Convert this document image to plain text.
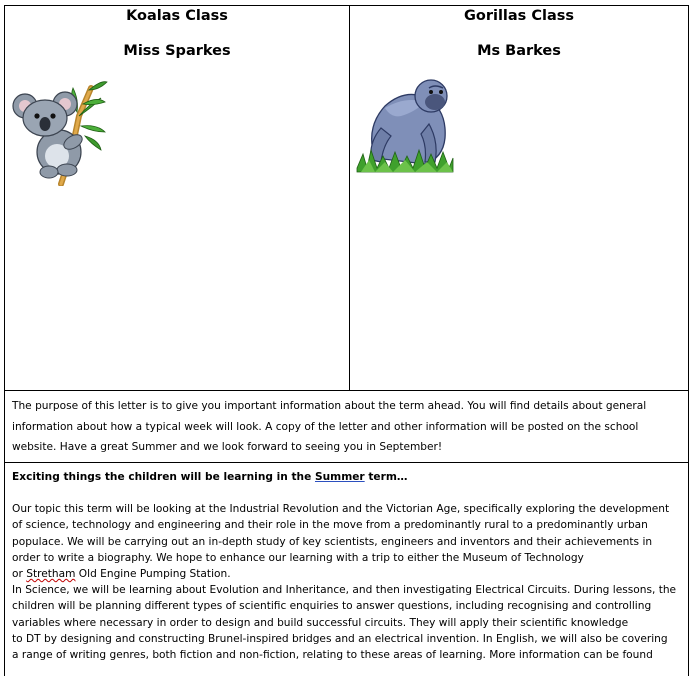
Koalas Class
Miss Sparkes
Gorillas Class
Ms Barkes

The purpose of this letter is to give you important information about the term ahead. You will find details about general information about how a typical week will look. A copy of the letter and other information will be posted on the school website. Have a great Summer and we look forward to seeing you in September!

Exciting things the children will be learning in the Summer term…

Our topic this term will be looking at the Industrial Revolution and the Victorian Age, specifically exploring the development

of science, technology and engineering and their role in the move from a predominantly rural to a predominantly urban

populace. We will be carrying out an in-depth study of key scientists, engineers and inventors and their achievements in

order to write a biography. We hope to enhance our learning with a trip to either the Museum of Technology

or Stretham Old Engine Pumping Station.

In Science, we will be learning about Evolution and Inheritance, and then investigating Electrical Circuits. During lessons, the

children will be planning different types of scientific enquiries to answer questions, including recognising and controlling

variables where necessary in order to design and build successful circuits. They will apply their scientific knowledge

to DT by designing and constructing Brunel-inspired bridges and an electrical invention. In English, we will also be covering

a range of writing genres, both fiction and non-fiction, relating to these areas of learning. More information can be found
